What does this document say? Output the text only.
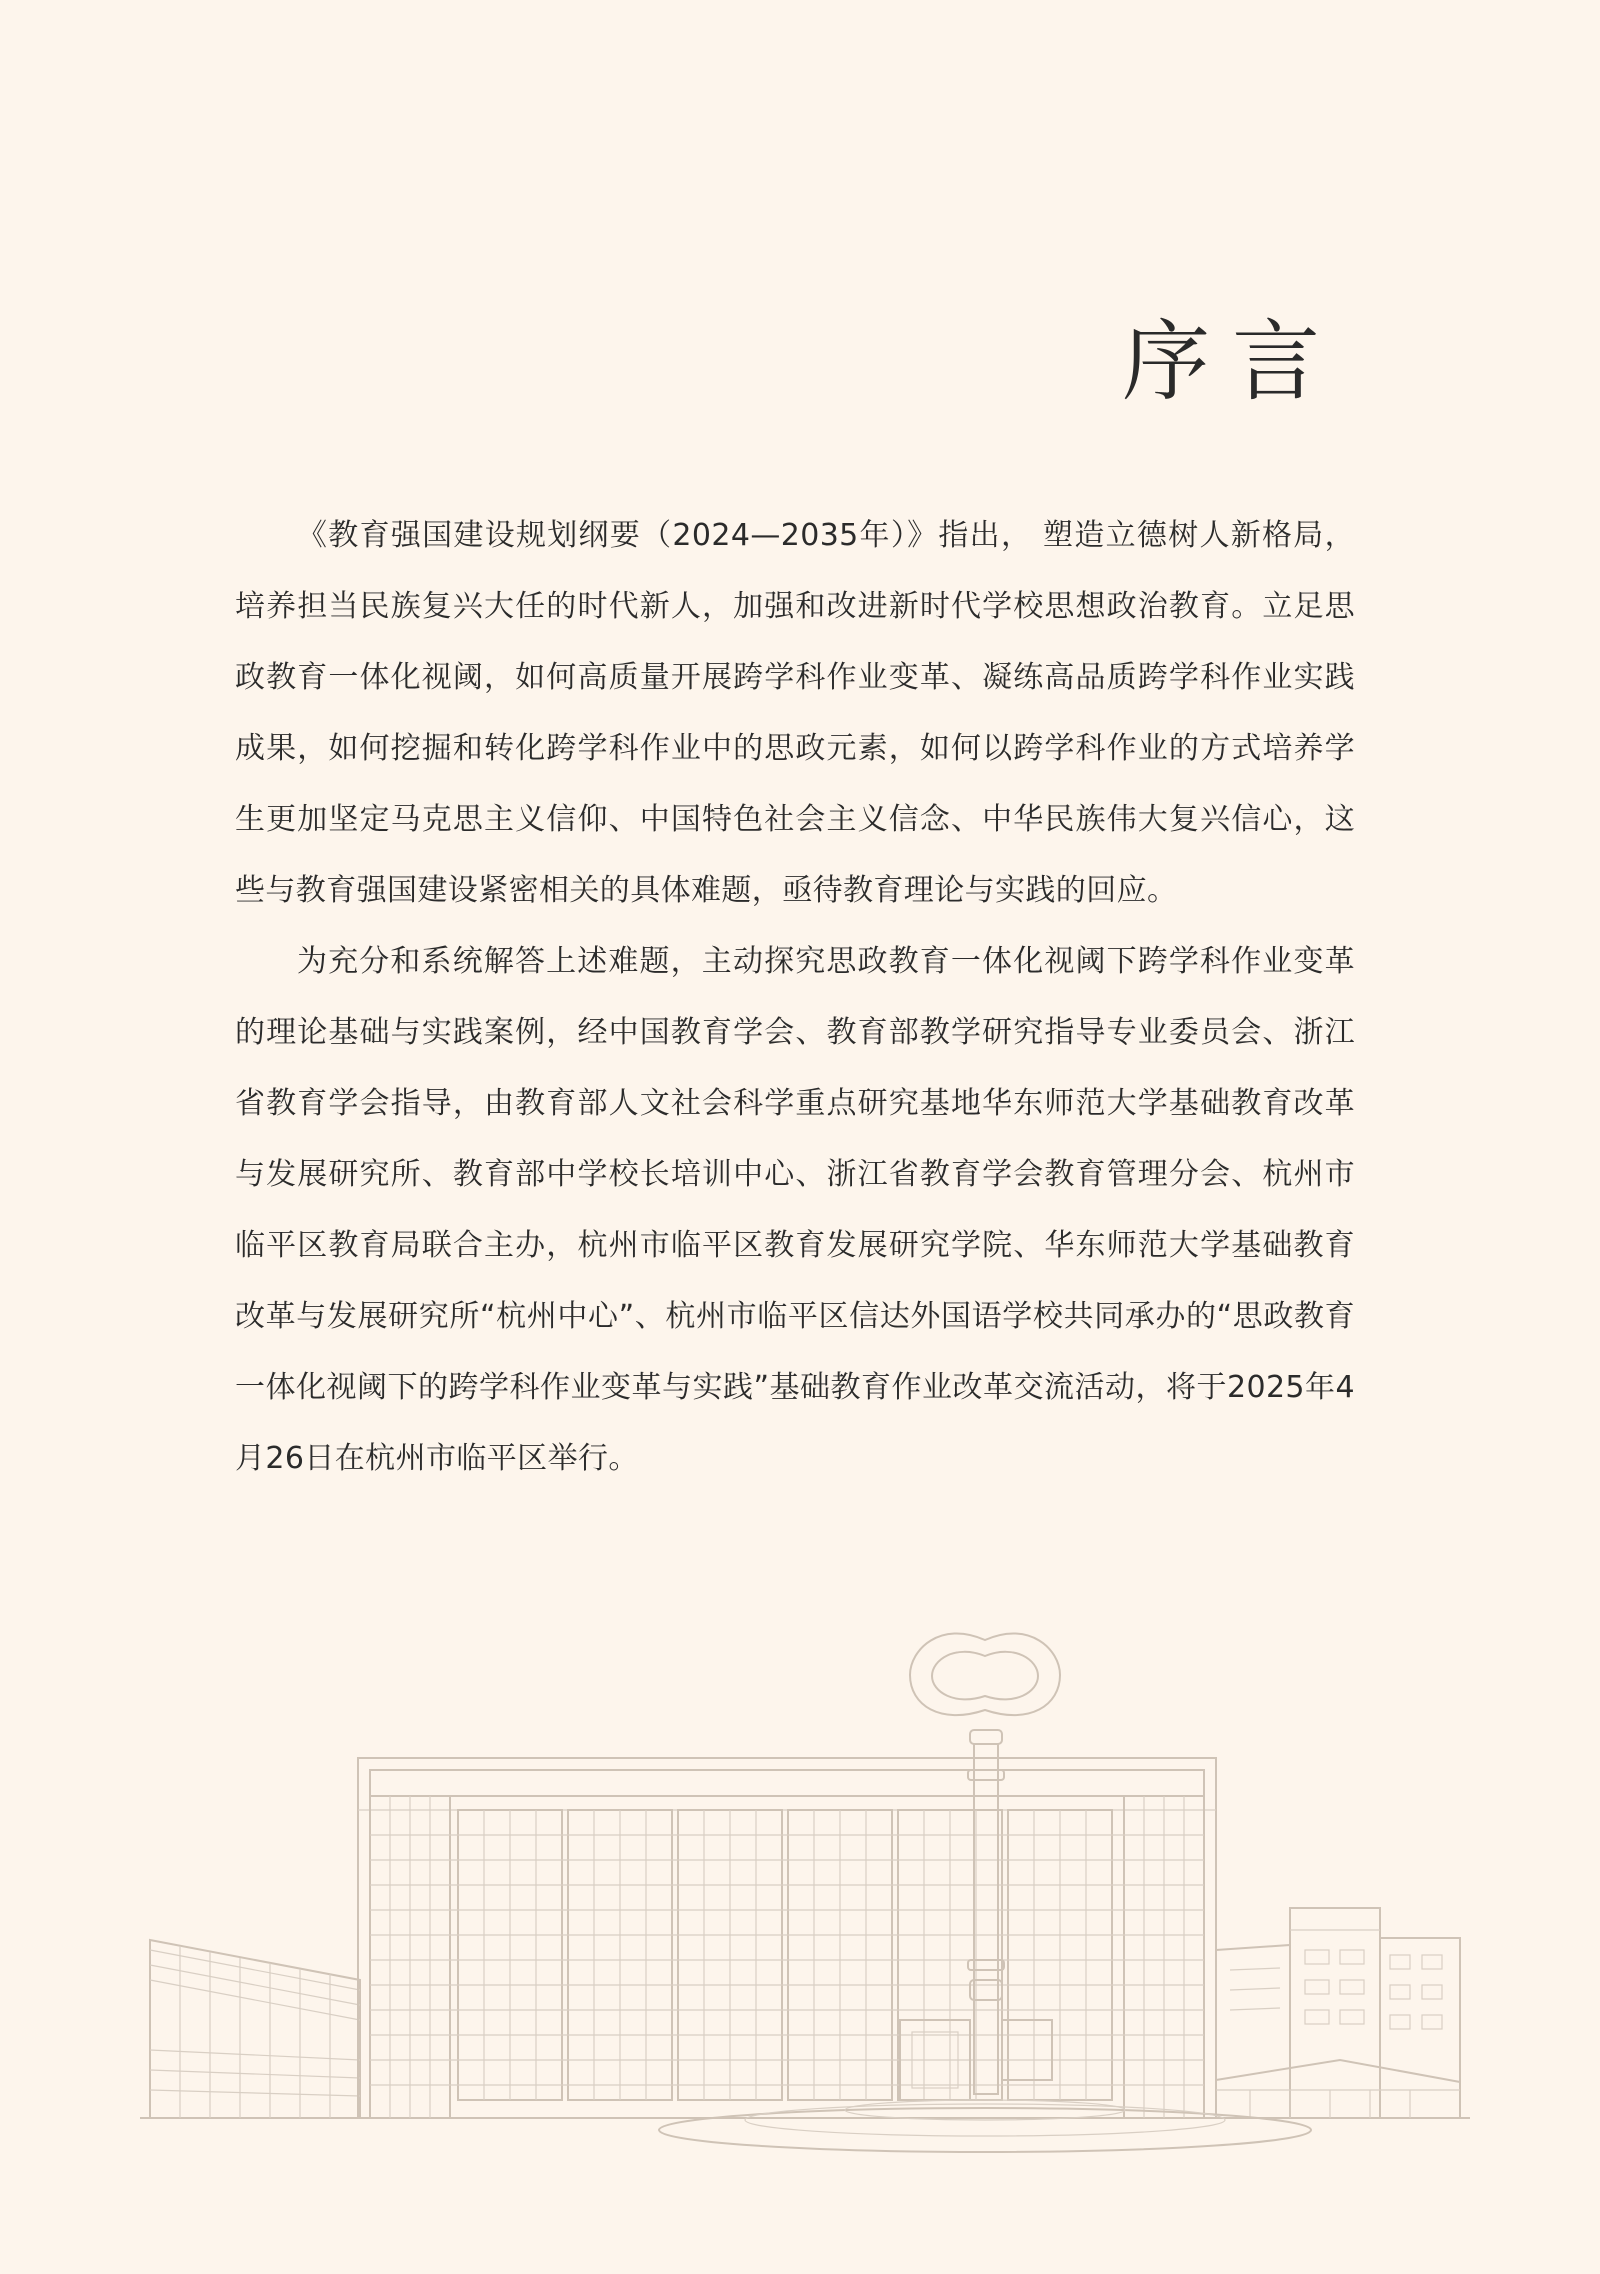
序言

《教育强国建设规划纲要（2024—2035年）》指出， 塑造立德树人新格局，培养担当民族复兴大任的时代新人，加强和改进新时代学校思想政治教育。立足思政教育一体化视阈，如何高质量开展跨学科作业变革、凝练高品质跨学科作业实践成果，如何挖掘和转化跨学科作业中的思政元素，如何以跨学科作业的方式培养学生更加坚定马克思主义信仰、中国特色社会主义信念、中华民族伟大复兴信心，这些与教育强国建设紧密相关的具体难题，亟待教育理论与实践的回应。

为充分和系统解答上述难题，主动探究思政教育一体化视阈下跨学科作业变革的理论基础与实践案例，经中国教育学会、教育部教学研究指导专业委员会、浙江省教育学会指导，由教育部人文社会科学重点研究基地华东师范大学基础教育改革与发展研究所、教育部中学校长培训中心、浙江省教育学会教育管理分会、杭州市临平区教育局联合主办，杭州市临平区教育发展研究学院、华东师范大学基础教育改革与发展研究所“杭州中心”、杭州市临平区信达外国语学校共同承办的“思政教育一体化视阈下的跨学科作业变革与实践”基础教育作业改革交流活动，将于2025年4月26日在杭州市临平区举行。
